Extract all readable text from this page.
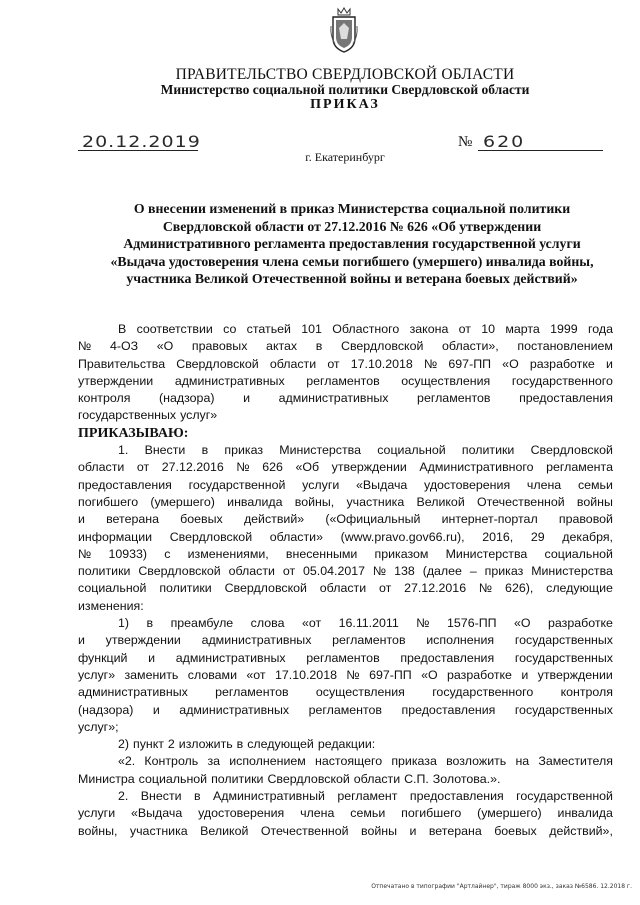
ПРАВИТЕЛЬСТВО СВЕРДЛОВСКОЙ ОБЛАСТИ
Министерство социальной политики Свердловской области
ПРИКАЗ
20.12.2019	№ 620
г. Екатеринбург
О внесении изменений в приказ Министерства социальной политики
Свердловской области от 27.12.2016 № 626 «Об утверждении
Административного регламента предоставления государственной услуги
«Выдача удостоверения члена семьи погибшего (умершего) инвалида войны,
участника Великой Отечественной войны и ветерана боевых действий»
В соответствии со статьей 101 Областного закона от 10 марта 1999 года
№ 4-ОЗ «О правовых актах в Свердловской области», постановлением
Правительства Свердловской области от 17.10.2018 № 697-ПП «О разработке и
утверждении административных регламентов осуществления государственного
контроля (надзора) и административных регламентов предоставления
государственных услуг»
ПРИКАЗЫВАЮ:
1. Внести в приказ Министерства социальной политики Свердловской
области от 27.12.2016 № 626 «Об утверждении Административного регламента
предоставления государственной услуги «Выдача удостоверения члена семьи
погибшего (умершего) инвалида войны, участника Великой Отечественной войны
и ветерана боевых действий» («Официальный интернет-портал правовой
информации Свердловской области» (www.pravo.gov66.ru), 2016, 29 декабря,
№ 10933) с изменениями, внесенными приказом Министерства социальной
политики Свердловской области от 05.04.2017 № 138 (далее – приказ Министерства
социальной политики Свердловской области от 27.12.2016 № 626), следующие
изменения:
1) в преамбуле слова «от 16.11.2011 № 1576-ПП «О разработке
и утверждении административных регламентов исполнения государственных
функций и административных регламентов предоставления государственных
услуг» заменить словами «от 17.10.2018 № 697-ПП «О разработке и утверждении
административных регламентов осуществления государственного контроля
(надзора) и административных регламентов предоставления государственных
услуг»;
2) пункт 2 изложить в следующей редакции:
«2. Контроль за исполнением настоящего приказа возложить на Заместителя
Министра социальной политики Свердловской области С.П. Золотова.».
2. Внести в Административный регламент предоставления государственной
услуги «Выдача удостоверения члена семьи погибшего (умершего) инвалида
войны, участника Великой Отечественной войны и ветерана боевых действий»,
Отпечатано в типографии "Артлайнер", тираж 8000 экз., заказ №6586. 12.2018 г.
